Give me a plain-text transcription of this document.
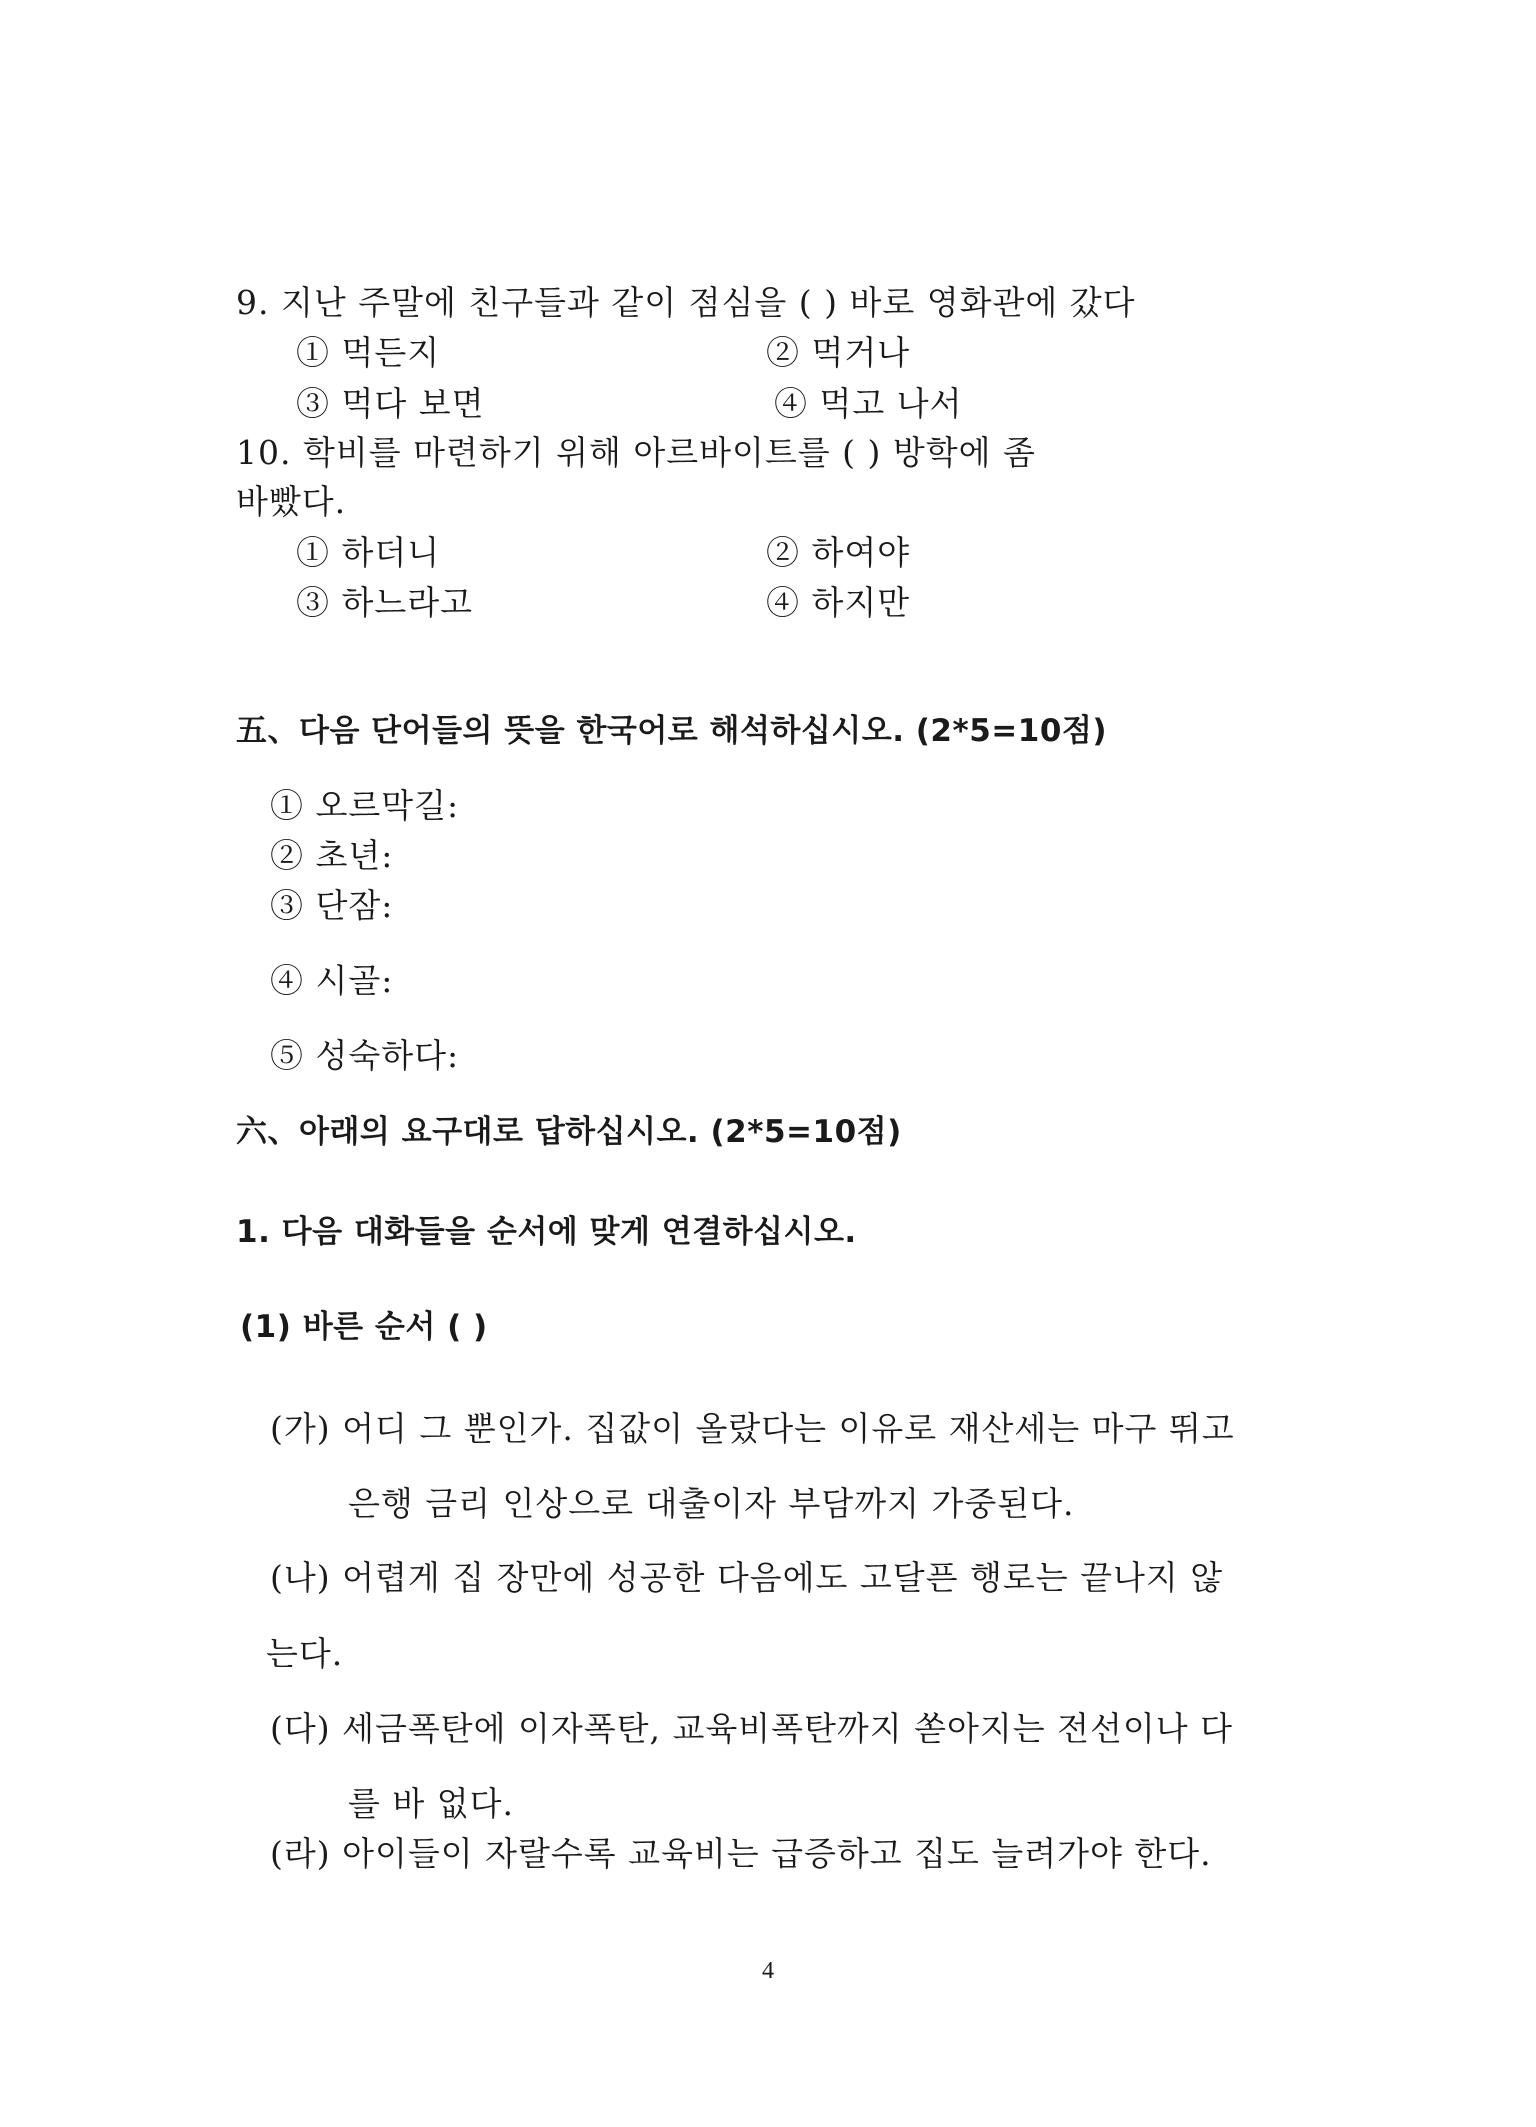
9. 지난 주말에 친구들과 같이 점심을 ( ) 바로 영화관에 갔다
① 먹든지	② 먹거나
③ 먹다 보면	④ 먹고 나서
10. 학비를 마련하기 위해 아르바이트를 ( ) 방학에 좀
바빴다.
① 하더니	② 하여야
③ 하느라고	④ 하지만
五、다음 단어들의 뜻을 한국어로 해석하십시오. (2*5=10점)
① 오르막길:
② 초년:
③ 단잠:
④ 시골:
⑤ 성숙하다:
六、아래의 요구대로 답하십시오. (2*5=10점)
1. 다음 대화들을 순서에 맞게 연결하십시오.
(1) 바른 순서 ( )
(가) 어디 그 뿐인가. 집값이 올랐다는 이유로 재산세는 마구 뛰고
은행 금리 인상으로 대출이자 부담까지 가중된다.
(나) 어렵게 집 장만에 성공한 다음에도 고달픈 행로는 끝나지 않
는다.
(다) 세금폭탄에 이자폭탄, 교육비폭탄까지 쏟아지는 전선이나 다
를 바 없다.
(라) 아이들이 자랄수록 교육비는 급증하고 집도 늘려가야 한다.
4
